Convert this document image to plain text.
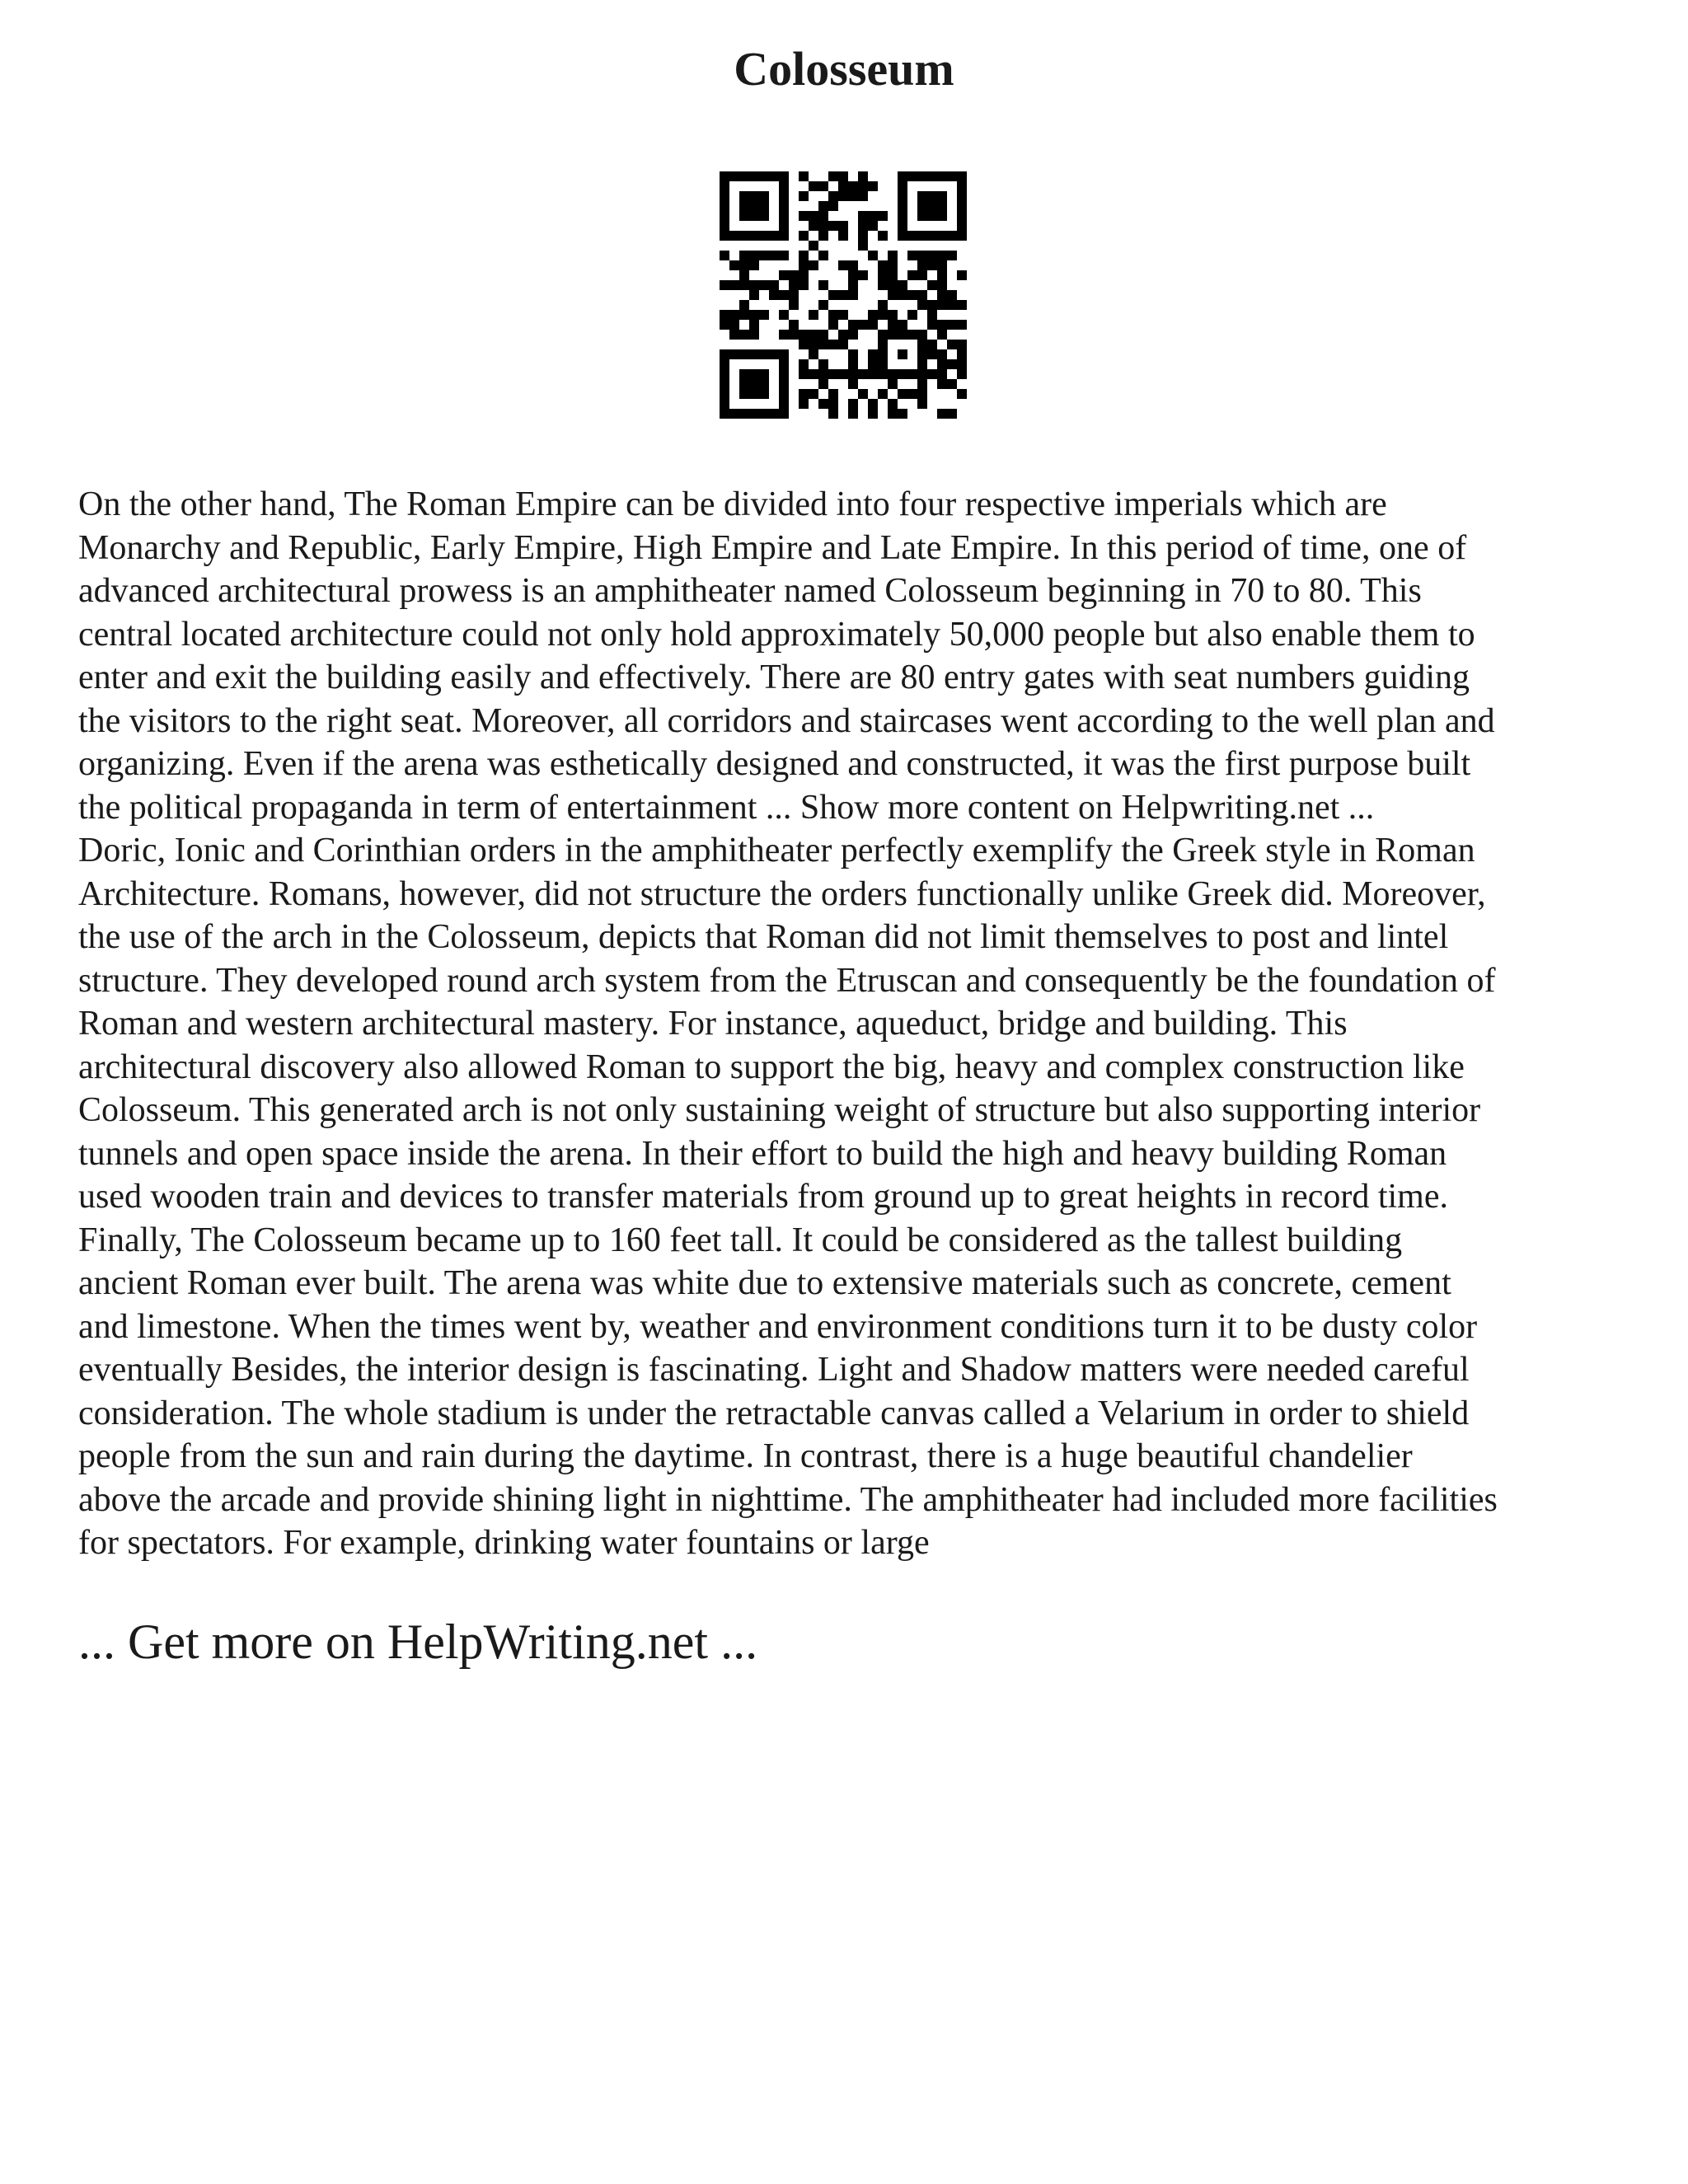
Colosseum
On the other hand, The Roman Empire can be divided into four respective imperials which are
Monarchy and Republic, Early Empire, High Empire and Late Empire. In this period of time, one of
advanced architectural prowess is an amphitheater named Colosseum beginning in 70 to 80. This
central located architecture could not only hold approximately 50,000 people but also enable them to
enter and exit the building easily and effectively. There are 80 entry gates with seat numbers guiding
the visitors to the right seat. Moreover, all corridors and staircases went according to the well plan and
organizing. Even if the arena was esthetically designed and constructed, it was the first purpose built
the political propaganda in term of entertainment ... Show more content on Helpwriting.net ...
Doric, Ionic and Corinthian orders in the amphitheater perfectly exemplify the Greek style in Roman
Architecture. Romans, however, did not structure the orders functionally unlike Greek did. Moreover,
the use of the arch in the Colosseum, depicts that Roman did not limit themselves to post and lintel
structure. They developed round arch system from the Etruscan and consequently be the foundation of
Roman and western architectural mastery. For instance, aqueduct, bridge and building. This
architectural discovery also allowed Roman to support the big, heavy and complex construction like
Colosseum. This generated arch is not only sustaining weight of structure but also supporting interior
tunnels and open space inside the arena. In their effort to build the high and heavy building Roman
used wooden train and devices to transfer materials from ground up to great heights in record time.
Finally, The Colosseum became up to 160 feet tall. It could be considered as the tallest building
ancient Roman ever built. The arena was white due to extensive materials such as concrete, cement
and limestone. When the times went by, weather and environment conditions turn it to be dusty color
eventually Besides, the interior design is fascinating. Light and Shadow matters were needed careful
consideration. The whole stadium is under the retractable canvas called a Velarium in order to shield
people from the sun and rain during the daytime. In contrast, there is a huge beautiful chandelier
above the arcade and provide shining light in nighttime. The amphitheater had included more facilities
for spectators. For example, drinking water fountains or large

... Get more on HelpWriting.net ...
